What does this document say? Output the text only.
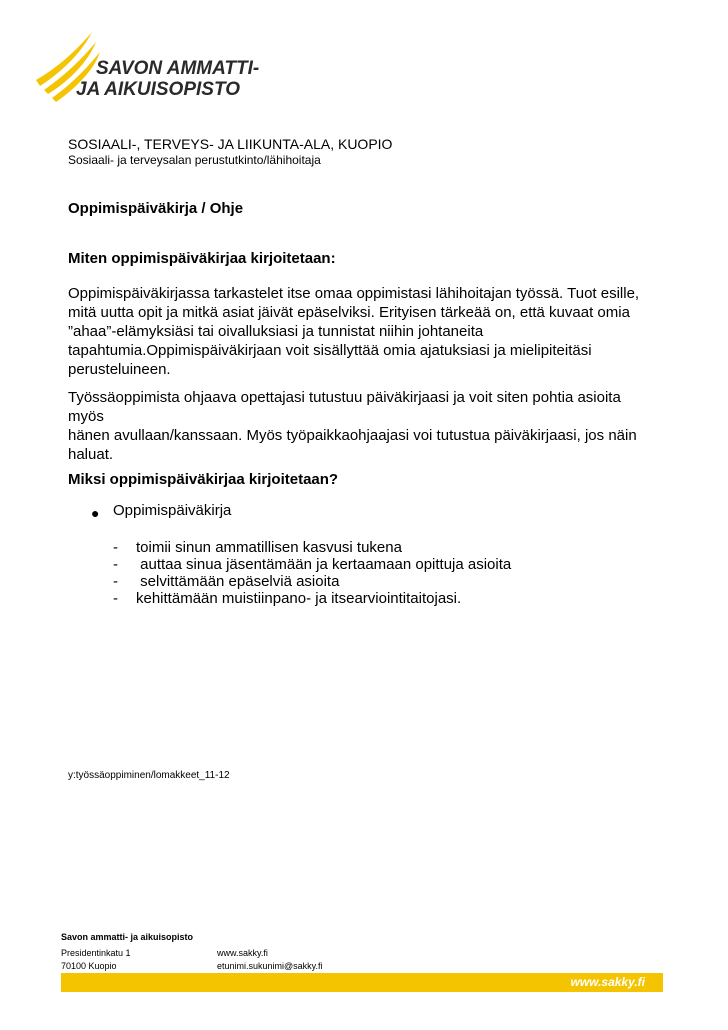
SAVON AMMATTI-
JA AIKUISOPISTO
SOSIAALI-, TERVEYS- JA LIIKUNTA-ALA, KUOPIO
Sosiaali- ja terveysalan perustutkinto/lähihoitaja
Oppimispäiväkirja / Ohje
Miten oppimispäiväkirjaa kirjoitetaan:
Oppimispäiväkirjassa tarkastelet itse omaa oppimistasi lähihoitajan työssä. Tuot esille,
mitä uutta opit ja mitkä asiat jäivät epäselviksi. Erityisen tärkeää on, että kuvaat omia
”ahaa”-elämyksiäsi tai oivalluksiasi ja tunnistat niihin johtaneita
tapahtumia.Oppimispäiväkirjaan voit sisällyttää omia ajatuksiasi ja mielipiteitäsi
perusteluineen.
Työssäoppimista ohjaava opettajasi tutustuu päiväkirjaasi ja voit siten pohtia asioita myös
hänen avullaan/kanssaan. Myös työpaikkaohjaajasi voi tutustua päiväkirjaasi, jos näin
haluat.
Miksi oppimispäiväkirjaa kirjoitetaan?
● Oppimispäiväkirja
- toimii sinun ammatillisen kasvusi tukena
- auttaa sinua jäsentämään ja kertaamaan opittuja asioita
- selvittämään epäselviä asioita
- kehittämään muistiinpano- ja itsearviointitaitojasi.
y:työssäoppiminen/lomakkeet_11-12
Savon ammatti- ja aikuisopisto
Presidentinkatu 1
70100 Kuopio
www.sakky.fi
etunimi.sukunimi@sakky.fi
www.sakky.fi
